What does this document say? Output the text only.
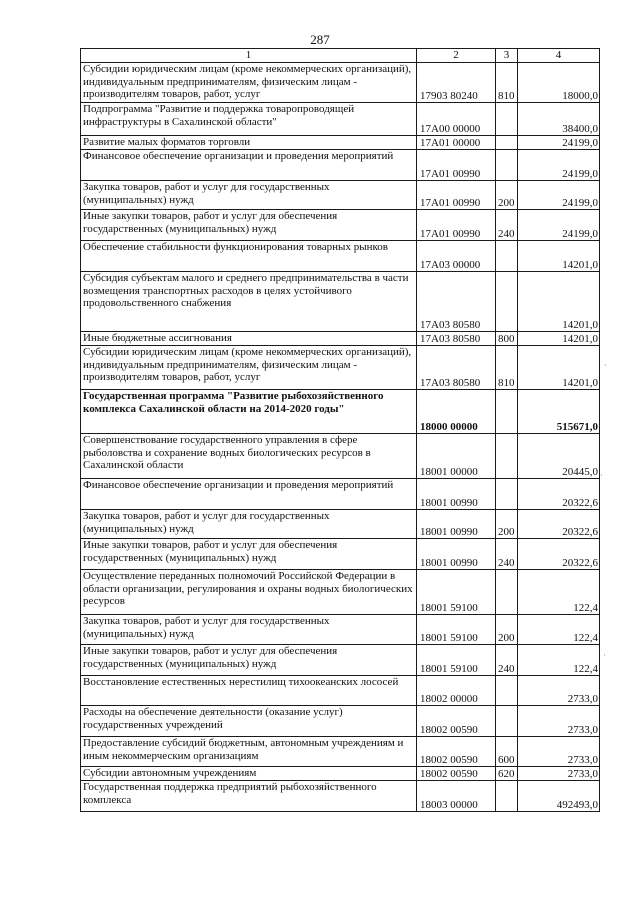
287
1	2	3	4
Субсидии юридическим лицам (кроме некоммерческих организаций), индивидуальным предпринимателям, физическим лицам - производителям товаров, работ, услуг	17903 80240	810	18000,0
Подпрограмма "Развитие и поддержка товаропроводящей инфраструктуры в Сахалинской области"	17А00 00000		38400,0
Развитие малых форматов торговли	17А01 00000		24199,0
Финансовое обеспечение организации и проведения мероприятий	17А01 00990		24199,0
Закупка товаров, работ и услуг для государственных (муниципальных) нужд	17А01 00990	200	24199,0
Иные закупки товаров, работ и услуг для обеспечения государственных (муниципальных) нужд	17А01 00990	240	24199,0
Обеспечение стабильности функционирования товарных рынков	17А03 00000		14201,0
Субсидия субъектам малого и среднего предпринимательства в части возмещения транспортных расходов в целях устойчивого продовольственного снабжения	17А03 80580		14201,0
Иные бюджетные ассигнования	17А03 80580	800	14201,0
Субсидии юридическим лицам (кроме некоммерческих организаций), индивидуальным предпринимателям, физическим лицам - производителям товаров, работ, услуг	17А03 80580	810	14201,0
Государственная программа "Развитие рыбохозяйственного комплекса Сахалинской области на 2014-2020 годы"	18000 00000		515671,0
Совершенствование государственного управления в сфере рыболовства и сохранение водных биологических ресурсов в Сахалинской области	18001 00000		20445,0
Финансовое обеспечение организации и проведения мероприятий	18001 00990		20322,6
Закупка товаров, работ и услуг для государственных (муниципальных) нужд	18001 00990	200	20322,6
Иные закупки товаров, работ и услуг для обеспечения государственных (муниципальных) нужд	18001 00990	240	20322,6
Осуществление переданных полномочий Российской Федерации в области организации, регулирования и охраны водных биологических ресурсов	18001 59100		122,4
Закупка товаров, работ и услуг для государственных (муниципальных) нужд	18001 59100	200	122,4
Иные закупки товаров, работ и услуг для обеспечения государственных (муниципальных) нужд	18001 59100	240	122,4
Восстановление естественных нерестилищ тихоокеанских лососей	18002 00000		2733,0
Расходы на обеспечение деятельности (оказание услуг) государственных учреждений	18002 00590		2733,0
Предоставление субсидий бюджетным, автономным учреждениям и иным некоммерческим организациям	18002 00590	600	2733,0
Субсидии автономным учреждениям	18002 00590	620	2733,0
Государственная поддержка предприятий рыбохозяйственного комплекса	18003 00000		492493,0
·
·
·
